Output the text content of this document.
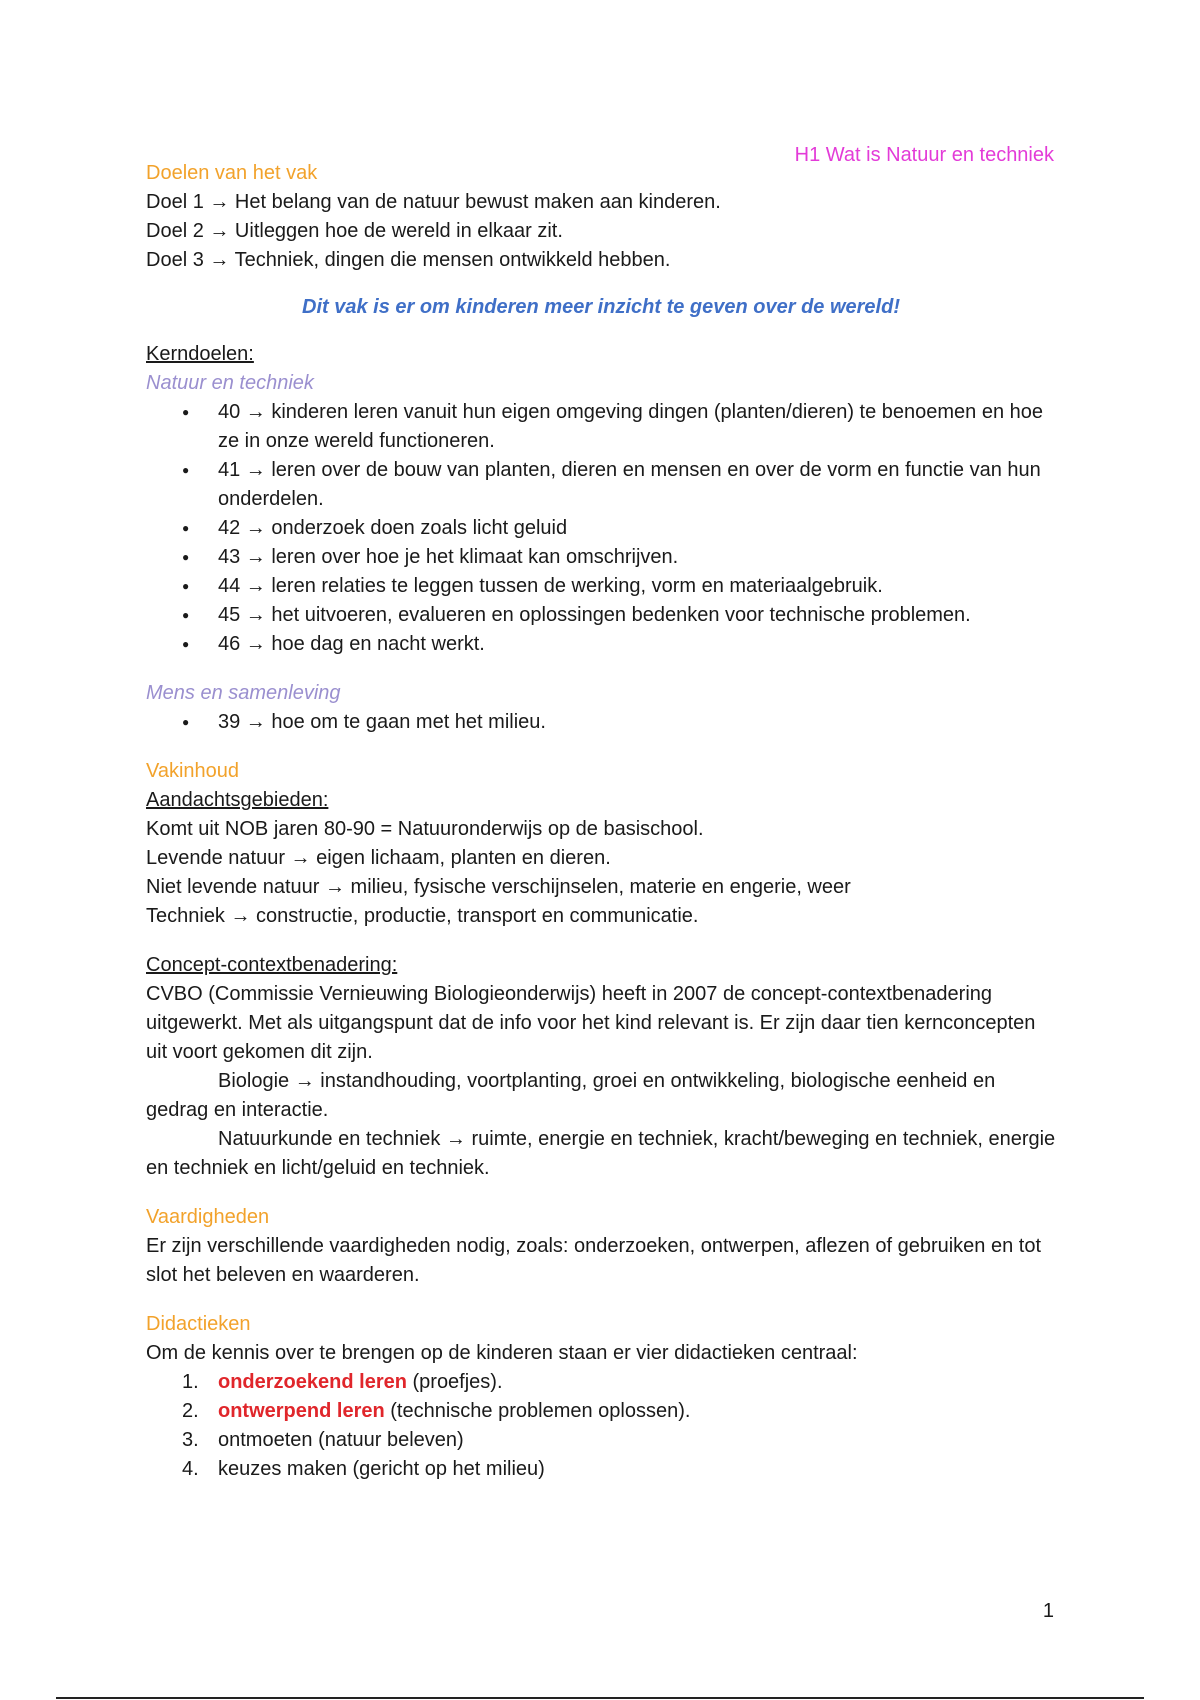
H1 Wat is Natuur en techniek

Doelen van het vak

Doel 1 → Het belang van de natuur bewust maken aan kinderen.

Doel 2 → Uitleggen hoe de wereld in elkaar zit.

Doel 3 → Techniek, dingen die mensen ontwikkeld hebben.

Dit vak is er om kinderen meer inzicht te geven over de wereld!

Kerndoelen:

Natuur en techniek

● 40 → kinderen leren vanuit hun eigen omgeving dingen (planten/dieren) te benoemen en hoe ze in onze wereld functioneren.
● 41 → leren over de bouw van planten, dieren en mensen en over de vorm en functie van hun onderdelen.
● 42 → onderzoek doen zoals licht geluid
● 43 → leren over hoe je het klimaat kan omschrijven.
● 44 → leren relaties te leggen tussen de werking, vorm en materiaalgebruik.
● 45 → het uitvoeren, evalueren en oplossingen bedenken voor technische problemen.
● 46 → hoe dag en nacht werkt.

Mens en samenleving

● 39 → hoe om te gaan met het milieu.

Vakinhoud

Aandachtsgebieden:

Komt uit NOB jaren 80-90 = Natuuronderwijs op de basischool.

Levende natuur → eigen lichaam, planten en dieren.

Niet levende natuur → milieu, fysische verschijnselen, materie en engerie, weer

Techniek → constructie, productie, transport en communicatie.

Concept-contextbenadering:

CVBO (Commissie Vernieuwing Biologieonderwijs) heeft in 2007 de concept-contextbenadering uitgewerkt. Met als uitgangspunt dat de info voor het kind relevant is. Er zijn daar tien kernconcepten uit voort gekomen dit zijn.

Biologie → instandhouding, voortplanting, groei en ontwikkeling, biologische eenheid en gedrag en interactie.

Natuurkunde en techniek → ruimte, energie en techniek, kracht/beweging en techniek, energie en techniek en licht/geluid en techniek.

Vaardigheden

Er zijn verschillende vaardigheden nodig, zoals: onderzoeken, ontwerpen, aflezen of gebruiken en tot slot het beleven en waarderen.

Didactieken

Om de kennis over te brengen op de kinderen staan er vier didactieken centraal:

1. onderzoekend leren (proefjes).
2. ontwerpend leren (technische problemen oplossen).
3. ontmoeten (natuur beleven)
4. keuzes maken (gericht op het milieu)
1
